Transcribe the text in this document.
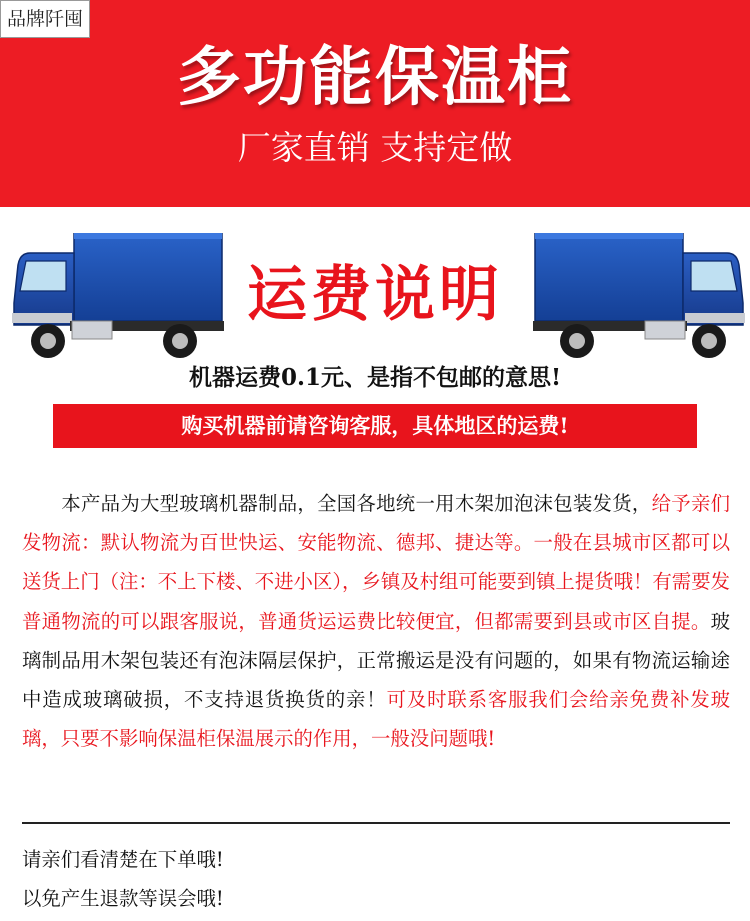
品牌阡囤
多功能保温柜
厂家直销 支持定做
运费说明
机器运费0.1元、是指不包邮的意思!
购买机器前请咨询客服，具体地区的运费!
本产品为大型玻璃机器制品，全国各地统一用木架加泡沫包装发货，给予亲们发物流：默认物流为百世快运、安能物流、德邦、捷达等。一般在县城市区都可以送货上门（注：不上下楼、不进小区），乡镇及村组可能要到镇上提货哦！有需要发普通物流的可以跟客服说，普通货运运费比较便宜，但都需要到县或市区自提。玻璃制品用木架包装还有泡沫隔层保护，正常搬运是没有问题的，如果有物流运输途中造成玻璃破损，不支持退货换货的亲！可及时联系客服我们会给亲免费补发玻璃，只要不影响保温柜保温展示的作用，一般没问题哦!
请亲们看清楚在下单哦!
以免产生退款等误会哦!
